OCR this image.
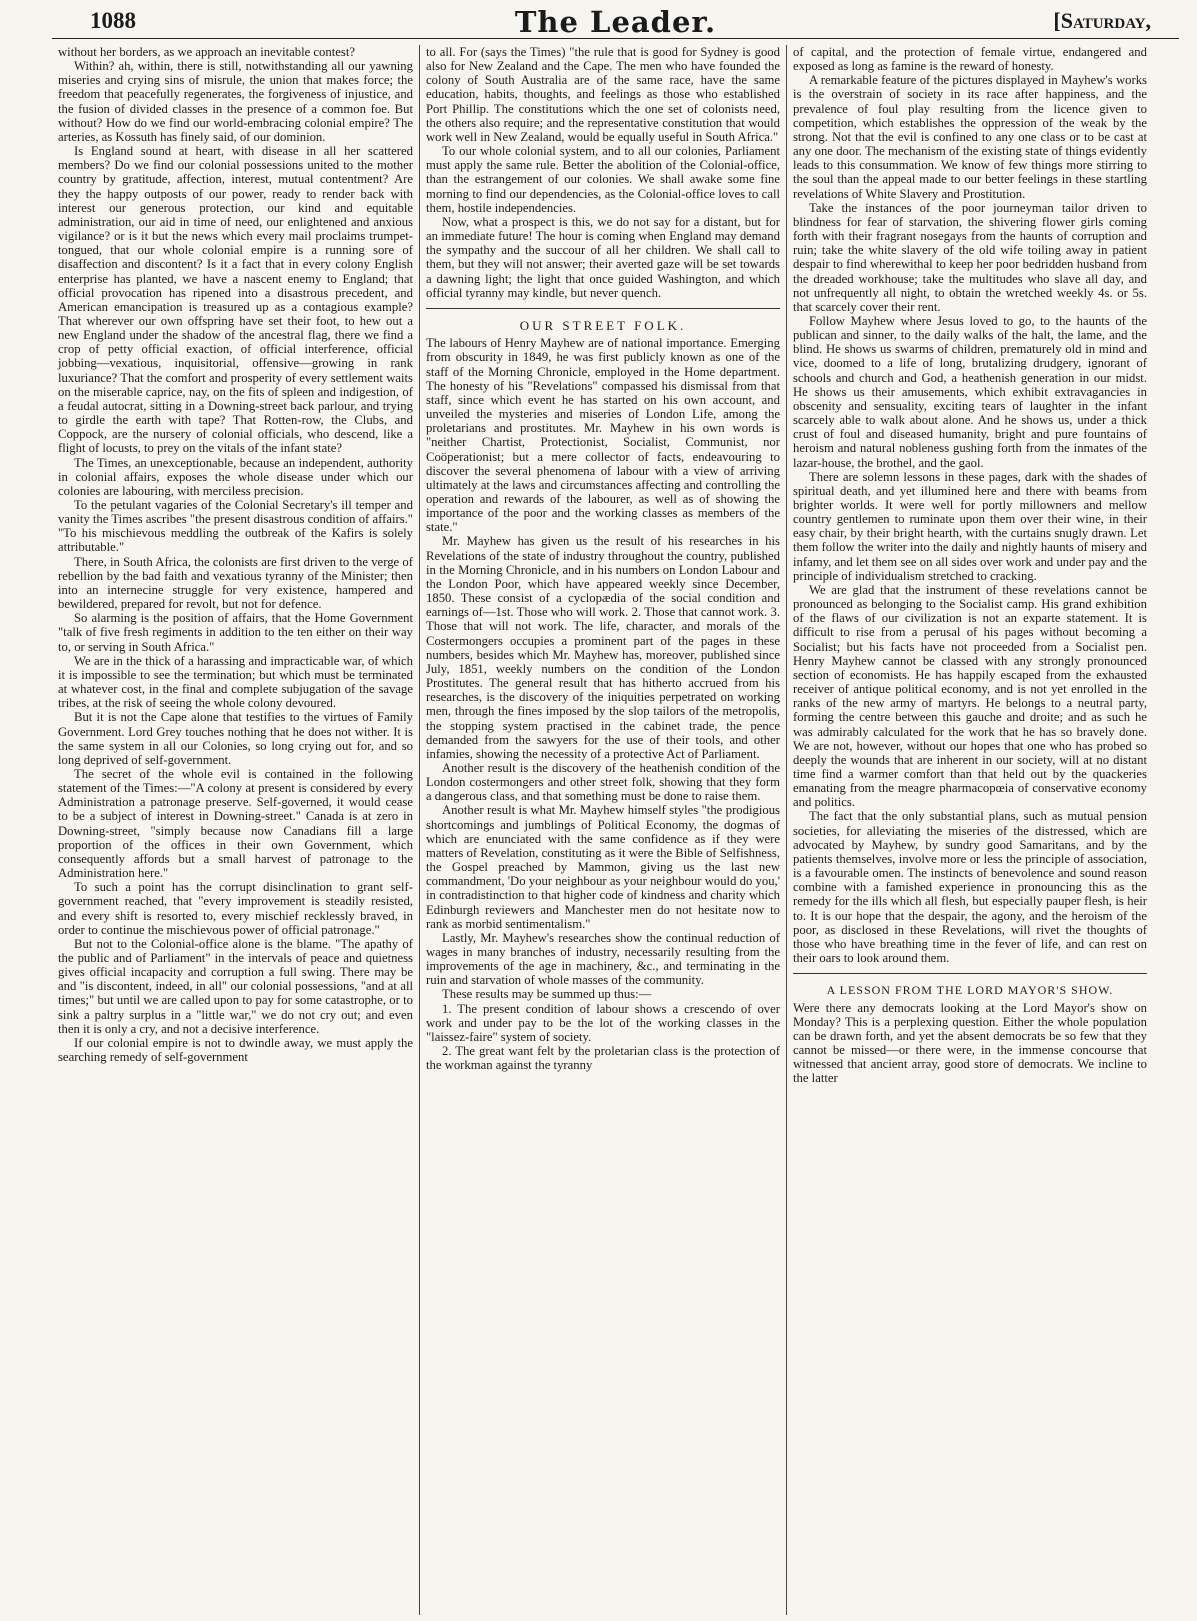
1088	The Leader.	[Saturday,

without her borders, as we approach an inevitable contest?

Within? ah, within, there is still, notwithstanding all our yawning miseries and crying sins of misrule, the union that makes force; the freedom that peacefully regenerates, the forgiveness of injustice, and the fusion of divided classes in the presence of a common foe. But without? How do we find our world-embracing colonial empire? The arteries, as Kossuth has finely said, of our dominion.

Is England sound at heart, with disease in all her scattered members? Do we find our colonial possessions united to the mother country by gratitude, affection, interest, mutual contentment? Are they the happy outposts of our power, ready to render back with interest our generous protection, our kind and equitable administration, our aid in time of need, our enlightened and anxious vigilance? or is it but the news which every mail proclaims trumpet-tongued, that our whole colonial empire is a running sore of disaffection and discontent? Is it a fact that in every colony English enterprise has planted, we have a nascent enemy to England; that official provocation has ripened into a disastrous precedent, and American emancipation is treasured up as a contagious example? That wherever our own offspring have set their foot, to hew out a new England under the shadow of the ancestral flag, there we find a crop of petty official exaction, of official interference, official jobbing—vexatious, inquisitorial, offensive—growing in rank luxuriance? That the comfort and prosperity of every settlement waits on the miserable caprice, nay, on the fits of spleen and indigestion, of a feudal autocrat, sitting in a Downing-street back parlour, and trying to girdle the earth with tape? That Rotten-row, the Clubs, and Coppock, are the nursery of colonial officials, who descend, like a flight of locusts, to prey on the vitals of the infant state?

The Times, an unexceptionable, because an independent, authority in colonial affairs, exposes the whole disease under which our colonies are labouring, with merciless precision.

To the petulant vagaries of the Colonial Secretary's ill temper and vanity the Times ascribes "the present disastrous condition of affairs." "To his mischievous meddling the outbreak of the Kafirs is solely attributable."

There, in South Africa, the colonists are first driven to the verge of rebellion by the bad faith and vexatious tyranny of the Minister; then into an internecine struggle for very existence, hampered and bewildered, prepared for revolt, but not for defence.

So alarming is the position of affairs, that the Home Government "talk of five fresh regiments in addition to the ten either on their way to, or serving in South Africa."

We are in the thick of a harassing and impracticable war, of which it is impossible to see the termination; but which must be terminated at whatever cost, in the final and complete subjugation of the savage tribes, at the risk of seeing the whole colony devoured.

But it is not the Cape alone that testifies to the virtues of Family Government. Lord Grey touches nothing that he does not wither. It is the same system in all our Colonies, so long crying out for, and so long deprived of self-government.

The secret of the whole evil is contained in the following statement of the Times:—"A colony at present is considered by every Administration a patronage preserve. Self-governed, it would cease to be a subject of interest in Downing-street." Canada is at zero in Downing-street, "simply because now Canadians fill a large proportion of the offices in their own Government, which consequently affords but a small harvest of patronage to the Administration here."

To such a point has the corrupt disinclination to grant self-government reached, that "every improvement is steadily resisted, and every shift is resorted to, every mischief recklessly braved, in order to continue the mischievous power of official patronage."

But not to the Colonial-office alone is the blame. "The apathy of the public and of Parliament" in the intervals of peace and quietness gives official incapacity and corruption a full swing. There may be and "is discontent, indeed, in all" our colonial possessions, "and at all times;" but until we are called upon to pay for some catastrophe, or to sink a paltry surplus in a "little war," we do not cry out; and even then it is only a cry, and not a decisive interference.

If our colonial empire is not to dwindle away, we must apply the searching remedy of self-government

to all. For (says the Times) "the rule that is good for Sydney is good also for New Zealand and the Cape. The men who have founded the colony of South Australia are of the same race, have the same education, habits, thoughts, and feelings as those who established Port Phillip. The constitutions which the one set of colonists need, the others also require; and the representative constitution that would work well in New Zealand, would be equally useful in South Africa."

To our whole colonial system, and to all our colonies, Parliament must apply the same rule. Better the abolition of the Colonial-office, than the estrangement of our colonies. We shall awake some fine morning to find our dependencies, as the Colonial-office loves to call them, hostile independencies.

Now, what a prospect is this, we do not say for a distant, but for an immediate future! The hour is coming when England may demand the sympathy and the succour of all her children. We shall call to them, but they will not answer; their averted gaze will be set towards a dawning light; the light that once guided Washington, and which official tyranny may kindle, but never quench.

OUR STREET FOLK.

The labours of Henry Mayhew are of national importance. Emerging from obscurity in 1849, he was first publicly known as one of the staff of the Morning Chronicle, employed in the Home department. The honesty of his "Revelations" compassed his dismissal from that staff, since which event he has started on his own account, and unveiled the mysteries and miseries of London Life, among the proletarians and prostitutes. Mr. Mayhew in his own words is "neither Chartist, Protectionist, Socialist, Communist, nor Coöperationist; but a mere collector of facts, endeavouring to discover the several phenomena of labour with a view of arriving ultimately at the laws and circumstances affecting and controlling the operation and rewards of the labourer, as well as of showing the importance of the poor and the working classes as members of the state."

Mr. Mayhew has given us the result of his researches in his Revelations of the state of industry throughout the country, published in the Morning Chronicle, and in his numbers on London Labour and the London Poor, which have appeared weekly since December, 1850. These consist of a cyclopædia of the social condition and earnings of—1st. Those who will work. 2. Those that cannot work. 3. Those that will not work. The life, character, and morals of the Costermongers occupies a prominent part of the pages in these numbers, besides which Mr. Mayhew has, moreover, published since July, 1851, weekly numbers on the condition of the London Prostitutes. The general result that has hitherto accrued from his researches, is the discovery of the iniquities perpetrated on working men, through the fines imposed by the slop tailors of the metropolis, the stopping system practised in the cabinet trade, the pence demanded from the sawyers for the use of their tools, and other infamies, showing the necessity of a protective Act of Parliament.

Another result is the discovery of the heathenish condition of the London costermongers and other street folk, showing that they form a dangerous class, and that something must be done to raise them.

Another result is what Mr. Mayhew himself styles "the prodigious shortcomings and jumblings of Political Economy, the dogmas of which are enunciated with the same confidence as if they were matters of Revelation, constituting as it were the Bible of Selfishness, the Gospel preached by Mammon, giving us the last new commandment, 'Do your neighbour as your neighbour would do you,' in contradistinction to that higher code of kindness and charity which Edinburgh reviewers and Manchester men do not hesitate now to rank as morbid sentimentalism."

Lastly, Mr. Mayhew's researches show the continual reduction of wages in many branches of industry, necessarily resulting from the improvements of the age in machinery, &c., and terminating in the ruin and starvation of whole masses of the community.

These results may be summed up thus:—

1. The present condition of labour shows a crescendo of over work and under pay to be the lot of the working classes in the "laissez-faire" system of society.

2. The great want felt by the proletarian class is the protection of the workman against the tyranny

of capital, and the protection of female virtue, endangered and exposed as long as famine is the reward of honesty.

A remarkable feature of the pictures displayed in Mayhew's works is the overstrain of society in its race after happiness, and the prevalence of foul play resulting from the licence given to competition, which establishes the oppression of the weak by the strong. Not that the evil is confined to any one class or to be cast at any one door. The mechanism of the existing state of things evidently leads to this consummation. We know of few things more stirring to the soul than the appeal made to our better feelings in these startling revelations of White Slavery and Prostitution.

Take the instances of the poor journeyman tailor driven to blindness for fear of starvation, the shivering flower girls coming forth with their fragrant nosegays from the haunts of corruption and ruin; take the white slavery of the old wife toiling away in patient despair to find wherewithal to keep her poor bedridden husband from the dreaded workhouse; take the multitudes who slave all day, and not unfrequently all night, to obtain the wretched weekly 4s. or 5s. that scarcely cover their rent.

Follow Mayhew where Jesus loved to go, to the haunts of the publican and sinner, to the daily walks of the halt, the lame, and the blind. He shows us swarms of children, prematurely old in mind and vice, doomed to a life of long, brutalizing drudgery, ignorant of schools and church and God, a heathenish generation in our midst. He shows us their amusements, which exhibit extravagancies in obscenity and sensuality, exciting tears of laughter in the infant scarcely able to walk about alone. And he shows us, under a thick crust of foul and diseased humanity, bright and pure fountains of heroism and natural nobleness gushing forth from the inmates of the lazar-house, the brothel, and the gaol.

There are solemn lessons in these pages, dark with the shades of spiritual death, and yet illumined here and there with beams from brighter worlds. It were well for portly millowners and mellow country gentlemen to ruminate upon them over their wine, in their easy chair, by their bright hearth, with the curtains snugly drawn. Let them follow the writer into the daily and nightly haunts of misery and infamy, and let them see on all sides over work and under pay and the principle of individualism stretched to cracking.

We are glad that the instrument of these revelations cannot be pronounced as belonging to the Socialist camp. His grand exhibition of the flaws of our civilization is not an exparte statement. It is difficult to rise from a perusal of his pages without becoming a Socialist; but his facts have not proceeded from a Socialist pen. Henry Mayhew cannot be classed with any strongly pronounced section of economists. He has happily escaped from the exhausted receiver of antique political economy, and is not yet enrolled in the ranks of the new army of martyrs. He belongs to a neutral party, forming the centre between this gauche and droite; and as such he was admirably calculated for the work that he has so bravely done. We are not, however, without our hopes that one who has probed so deeply the wounds that are inherent in our society, will at no distant time find a warmer comfort than that held out by the quackeries emanating from the meagre pharmacopœia of conservative economy and politics.

The fact that the only substantial plans, such as mutual pension societies, for alleviating the miseries of the distressed, which are advocated by Mayhew, by sundry good Samaritans, and by the patients themselves, involve more or less the principle of association, is a favourable omen. The instincts of benevolence and sound reason combine with a famished experience in pronouncing this as the remedy for the ills which all flesh, but especially pauper flesh, is heir to. It is our hope that the despair, the agony, and the heroism of the poor, as disclosed in these Revelations, will rivet the thoughts of those who have breathing time in the fever of life, and can rest on their oars to look around them.

A LESSON FROM THE LORD MAYOR'S SHOW.

Were there any democrats looking at the Lord Mayor's show on Monday? This is a perplexing question. Either the whole population can be drawn forth, and yet the absent democrats be so few that they cannot be missed—or there were, in the immense concourse that witnessed that ancient array, good store of democrats. We incline to the latter
